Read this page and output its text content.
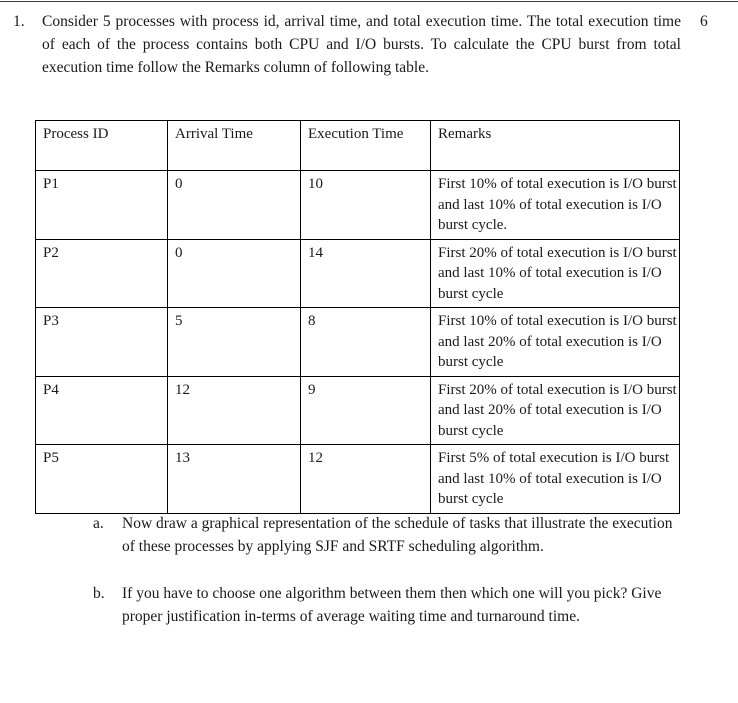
1.	6
Consider 5 processes with process id, arrival time, and total execution time. The total execution time of each of the process contains both CPU and I/O bursts. To calculate the CPU burst from total execution time follow the Remarks column of following table.
Process ID	Arrival Time	Execution Time	Remarks
P1	0	10	First 10% of total execution is I/O burst  and last 10% of total execution is I/O burst cycle.
P2	0	14	First 20% of total execution is I/O burst  and last 10% of total execution is I/O burst cycle
P3	5	8	First 10% of total execution is I/O burst  and last 20% of total execution is I/O burst cycle
P4	12	9	First 20% of total execution is I/O burst  and last 20% of total execution is I/O burst cycle
P5	13	12	First 5% of total execution is I/O burst  and last 10% of total execution is I/O burst cycle
a.	Now draw a graphical representation of the schedule of tasks that illustrate the execution of these processes by applying SJF and SRTF scheduling algorithm.
b.	If you have to choose one algorithm between them then which one will you pick? Give proper justification in-terms of average waiting time and turnaround time.
